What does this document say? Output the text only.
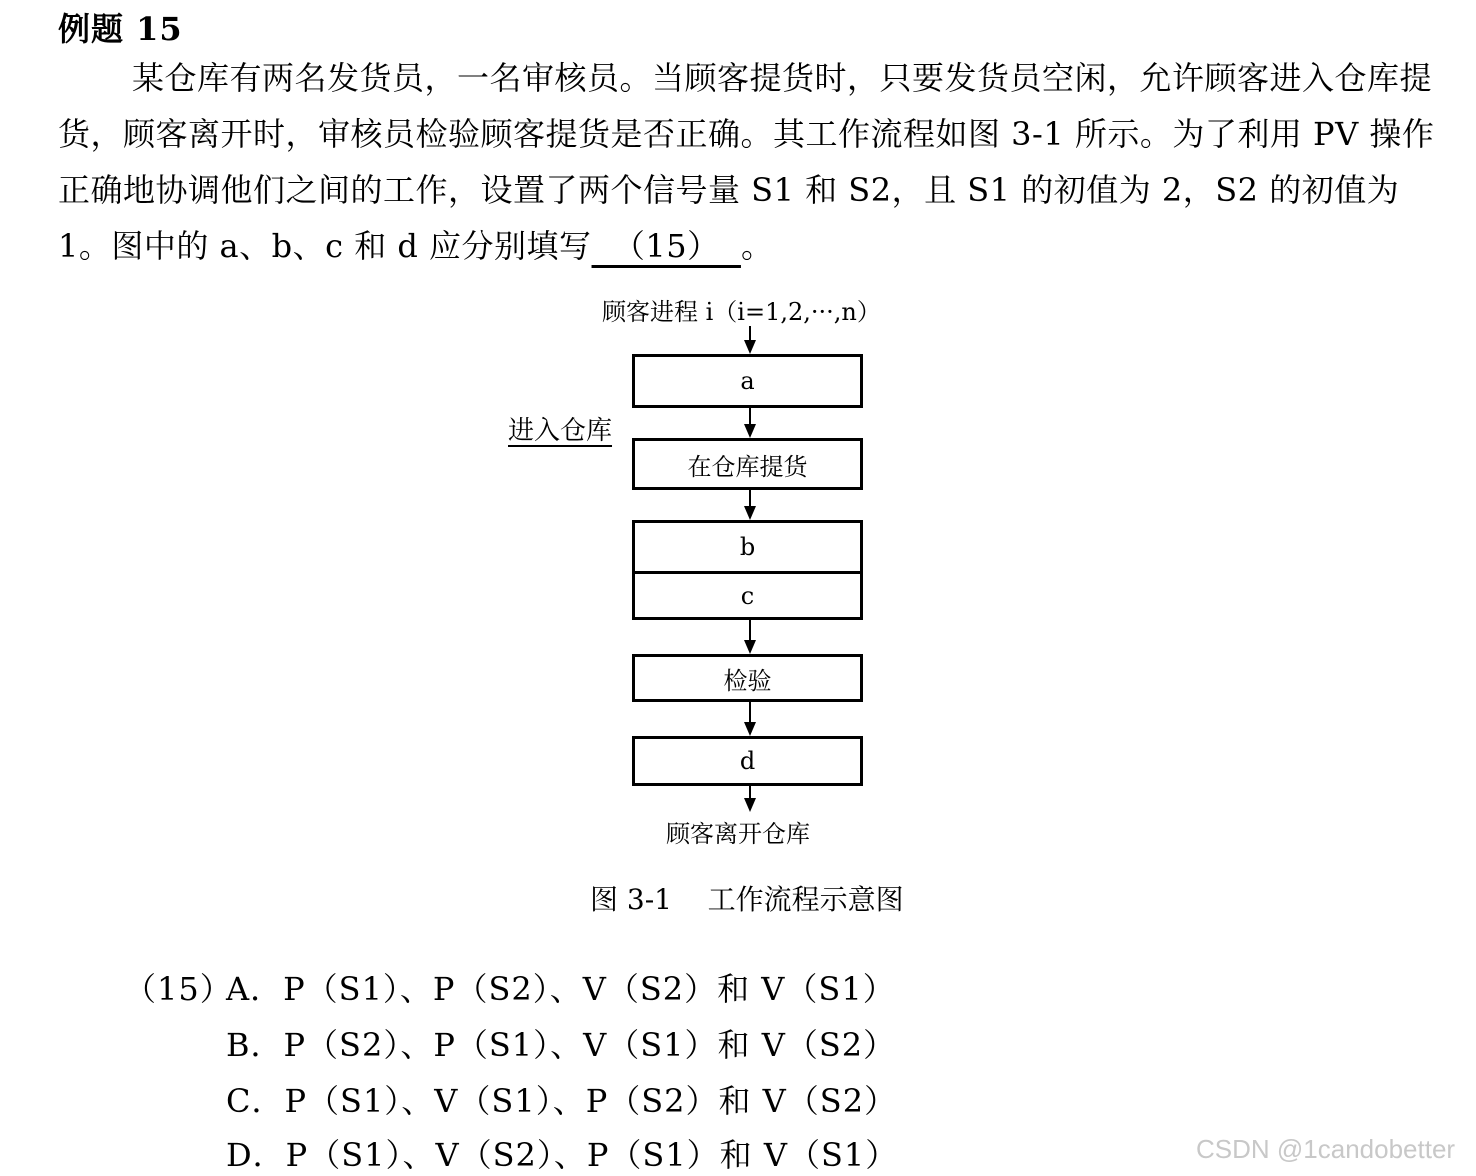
例题 15

某仓库有两名发货员，一名审核员。当顾客提货时，只要发货员空闲，允许顾客进入仓库提货，顾客离开时，审核员检验顾客提货是否正确。其工作流程如图 3-1 所示。为了利用 PV 操作正确地协调他们之间的工作，设置了两个信号量 S1 和 S2，且 S1 的初值为 2，S2 的初值为 1。图中的 a、b、c 和 d 应分别填写  （15）  。

顾客进程 i（i=1,2,···,n）
a
进入仓库
在仓库提货
b
c
检验
d
顾客离开仓库
图 3-1    工作流程示意图
（15）
A．P（S1）、P（S2）、V（S2）和 V（S1）
B．P（S2）、P（S1）、V（S1）和 V（S2）
C．P（S1）、V（S1）、P（S2）和 V（S2）
D．P（S1）、V（S2）、P（S1）和 V（S1）	CSDN @1candobetter
